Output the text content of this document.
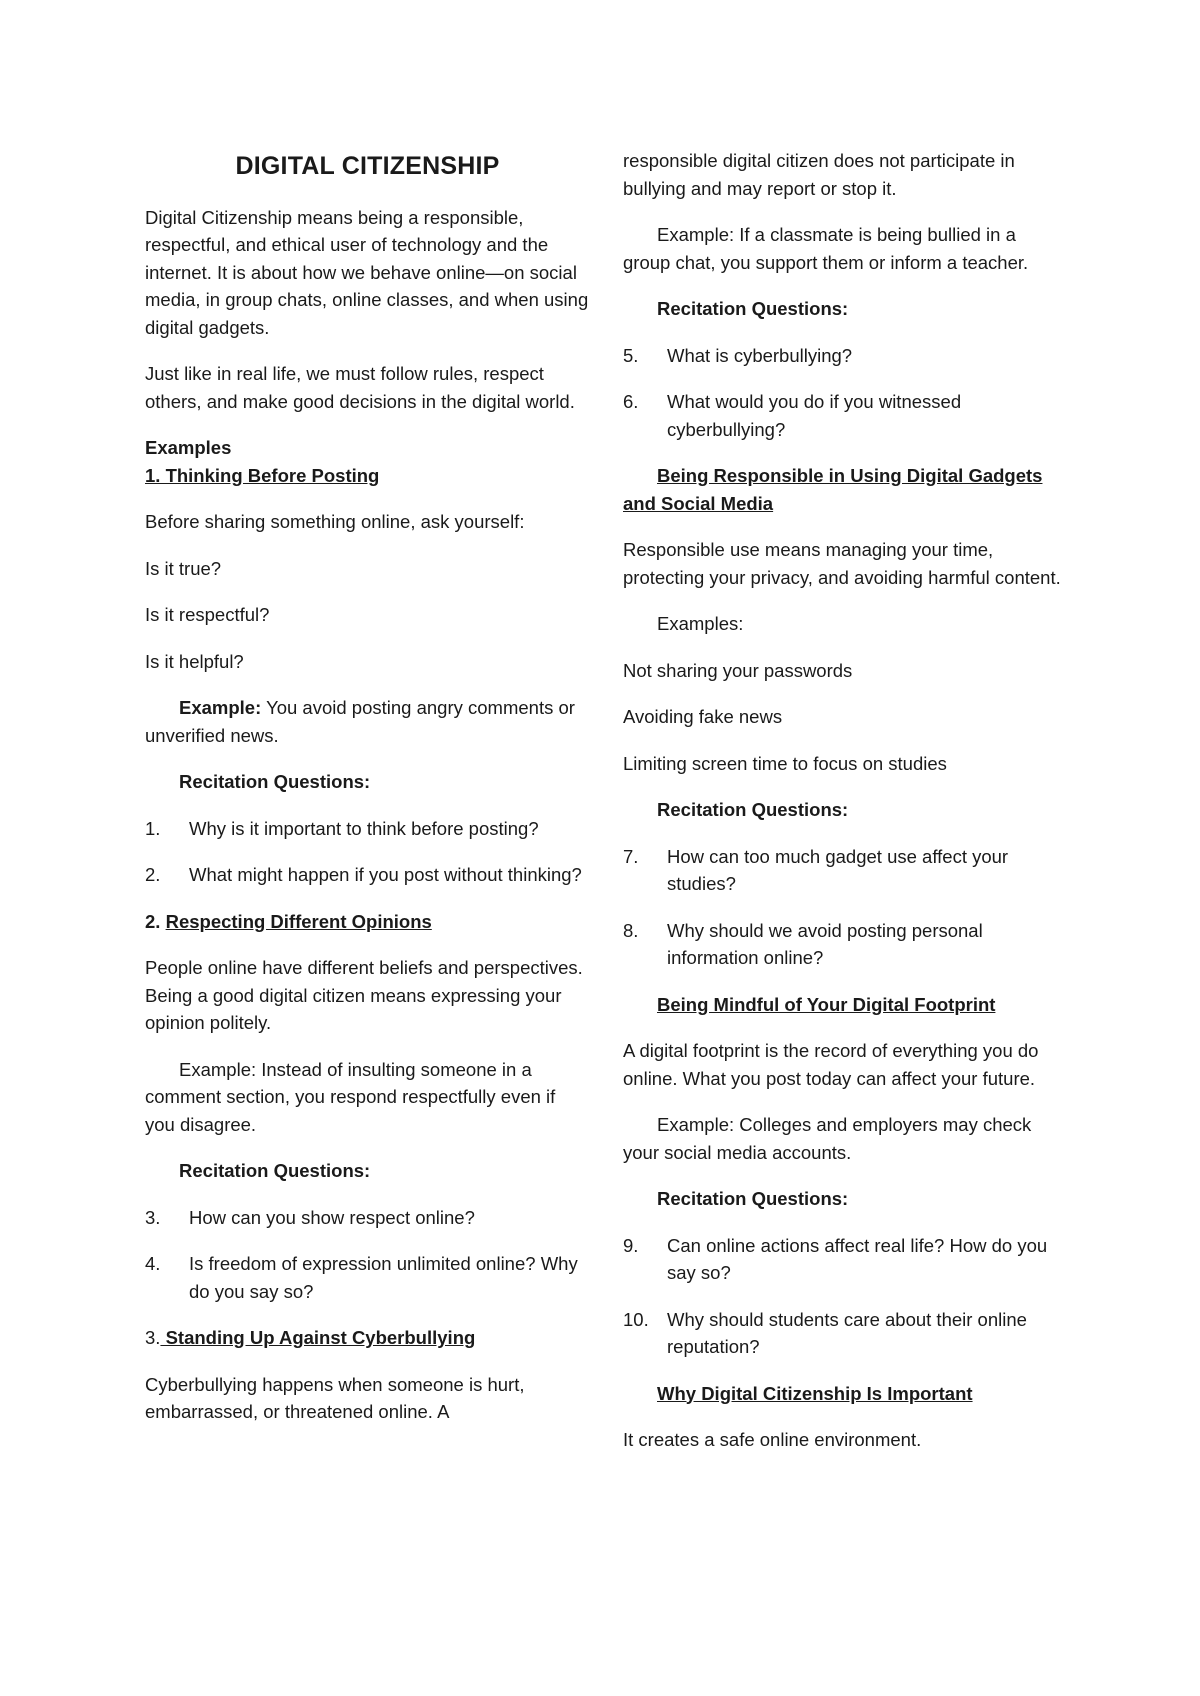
DIGITAL CITIZENSHIP

Digital Citizenship means being a responsible, respectful, and ethical user of technology and the internet. It is about how we behave online—on social media, in group chats, online classes, and when using digital gadgets.

Just like in real life, we must follow rules, respect others, and make good decisions in the digital world.

Examples

1. Thinking Before Posting

Before sharing something online, ask yourself:

Is it true?

Is it respectful?

Is it helpful?

Example: You avoid posting angry comments or unverified news.

Recitation Questions:

1.	Why is it important to think before posting?
2.	What might happen if you post without thinking?

2. Respecting Different Opinions

People online have different beliefs and perspectives. Being a good digital citizen means expressing your opinion politely.

Example: Instead of insulting someone in a comment section, you respond respectfully even if you disagree.

Recitation Questions:

3.	How can you show respect online?
4.	Is freedom of expression unlimited online? Why do you say so?

3. Standing Up Against Cyberbullying

Cyberbullying happens when someone is hurt, embarrassed, or threatened online. A

responsible digital citizen does not participate in bullying and may report or stop it.

Example: If a classmate is being bullied in a group chat, you support them or inform a teacher.

Recitation Questions:

5.	What is cyberbullying?
6.	What would you do if you witnessed cyberbullying?

Being Responsible in Using Digital Gadgets and Social Media

Responsible use means managing your time, protecting your privacy, and avoiding harmful content.

Examples:

Not sharing your passwords

Avoiding fake news

Limiting screen time to focus on studies

Recitation Questions:

7.	How can too much gadget use affect your studies?
8.	Why should we avoid posting personal information online?

Being Mindful of Your Digital Footprint

A digital footprint is the record of everything you do online. What you post today can affect your future.

Example: Colleges and employers may check your social media accounts.

Recitation Questions:

9.	Can online actions affect real life? How do you say so?
10. Why should students care about their online reputation?

Why Digital Citizenship Is Important

It creates a safe online environment.
